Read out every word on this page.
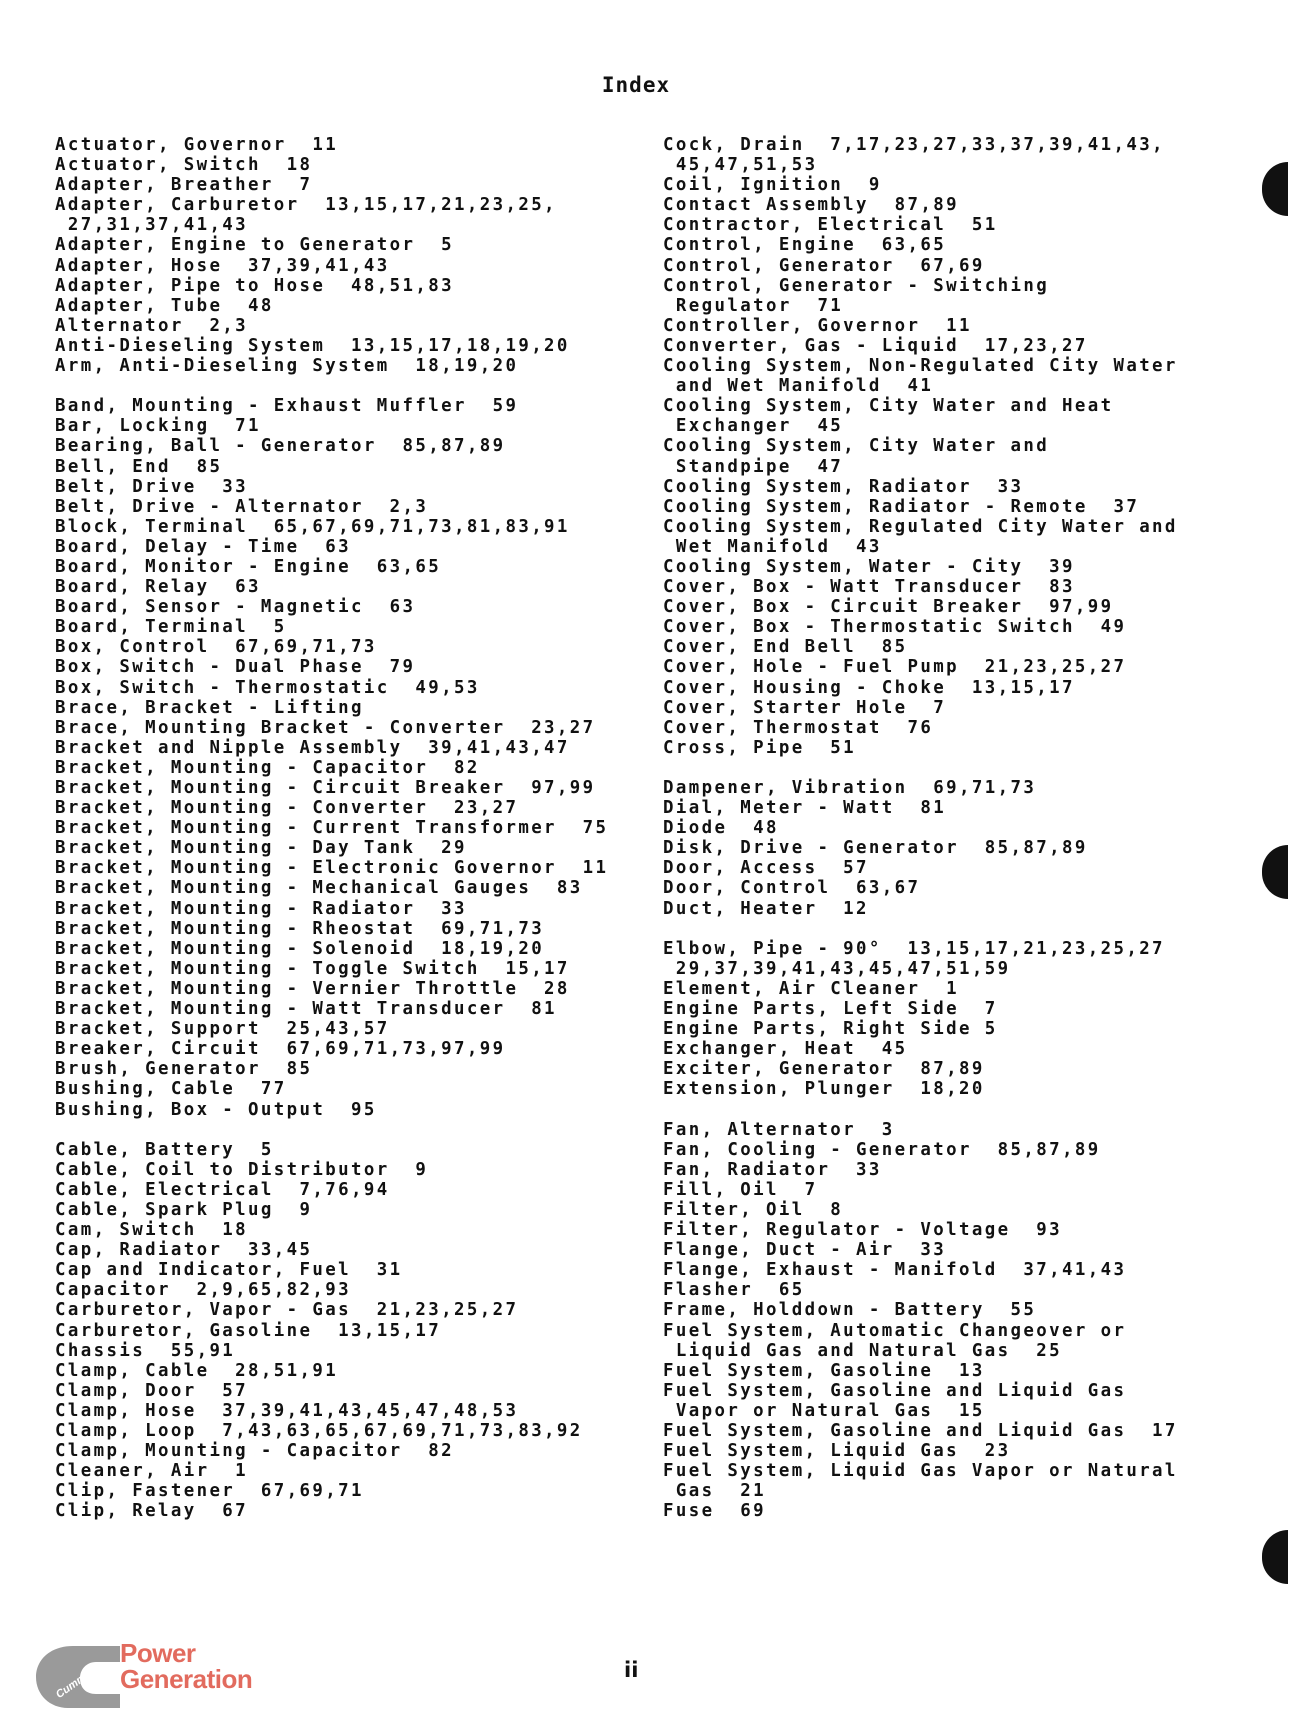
Index
Actuator, Governor  11
Actuator, Switch  18
Adapter, Breather  7
Adapter, Carburetor  13,15,17,21,23,25,
27,31,37,41,43
Adapter, Engine to Generator  5
Adapter, Hose  37,39,41,43
Adapter, Pipe to Hose  48,51,83
Adapter, Tube  48
Alternator  2,3
Anti-Dieseling System  13,15,17,18,19,20
Arm, Anti-Dieseling System  18,19,20
Band, Mounting - Exhaust Muffler  59
Bar, Locking  71
Bearing, Ball - Generator  85,87,89
Bell, End  85
Belt, Drive  33
Belt, Drive - Alternator  2,3
Block, Terminal  65,67,69,71,73,81,83,91
Board, Delay - Time  63
Board, Monitor - Engine  63,65
Board, Relay  63
Board, Sensor - Magnetic  63
Board, Terminal  5
Box, Control  67,69,71,73
Box, Switch - Dual Phase  79
Box, Switch - Thermostatic  49,53
Brace, Bracket - Lifting
Brace, Mounting Bracket - Converter  23,27
Bracket and Nipple Assembly  39,41,43,47
Bracket, Mounting - Capacitor  82
Bracket, Mounting - Circuit Breaker  97,99
Bracket, Mounting - Converter  23,27
Bracket, Mounting - Current Transformer  75
Bracket, Mounting - Day Tank  29
Bracket, Mounting - Electronic Governor  11
Bracket, Mounting - Mechanical Gauges  83
Bracket, Mounting - Radiator  33
Bracket, Mounting - Rheostat  69,71,73
Bracket, Mounting - Solenoid  18,19,20
Bracket, Mounting - Toggle Switch  15,17
Bracket, Mounting - Vernier Throttle  28
Bracket, Mounting - Watt Transducer  81
Bracket, Support  25,43,57
Breaker, Circuit  67,69,71,73,97,99
Brush, Generator  85
Bushing, Cable  77
Bushing, Box - Output  95
Cable, Battery  5
Cable, Coil to Distributor  9
Cable, Electrical  7,76,94
Cable, Spark Plug  9
Cam, Switch  18
Cap, Radiator  33,45
Cap and Indicator, Fuel  31
Capacitor  2,9,65,82,93
Carburetor, Vapor - Gas  21,23,25,27
Carburetor, Gasoline  13,15,17
Chassis  55,91
Clamp, Cable  28,51,91
Clamp, Door  57
Clamp, Hose  37,39,41,43,45,47,48,53
Clamp, Loop  7,43,63,65,67,69,71,73,83,92
Clamp, Mounting - Capacitor  82
Cleaner, Air  1
Clip, Fastener  67,69,71
Clip, Relay  67
Cock, Drain  7,17,23,27,33,37,39,41,43,
45,47,51,53
Coil, Ignition  9
Contact Assembly  87,89
Contractor, Electrical  51
Control, Engine  63,65
Control, Generator  67,69
Control, Generator - Switching
Regulator  71
Controller, Governor  11
Converter, Gas - Liquid  17,23,27
Cooling System, Non-Regulated City Water
and Wet Manifold  41
Cooling System, City Water and Heat
Exchanger  45
Cooling System, City Water and
Standpipe  47
Cooling System, Radiator  33
Cooling System, Radiator - Remote  37
Cooling System, Regulated City Water and
Wet Manifold  43
Cooling System, Water - City  39
Cover, Box - Watt Transducer  83
Cover, Box - Circuit Breaker  97,99
Cover, Box - Thermostatic Switch  49
Cover, End Bell  85
Cover, Hole - Fuel Pump  21,23,25,27
Cover, Housing - Choke  13,15,17
Cover, Starter Hole  7
Cover, Thermostat  76
Cross, Pipe  51
Dampener, Vibration  69,71,73
Dial, Meter - Watt  81
Diode  48
Disk, Drive - Generator  85,87,89
Door, Access  57
Door, Control  63,67
Duct, Heater  12
Elbow, Pipe - 90°  13,15,17,21,23,25,27
29,37,39,41,43,45,47,51,59
Element, Air Cleaner  1
Engine Parts, Left Side  7
Engine Parts, Right Side 5
Exchanger, Heat  45
Exciter, Generator  87,89
Extension, Plunger  18,20
Fan, Alternator  3
Fan, Cooling - Generator  85,87,89
Fan, Radiator  33
Fill, Oil  7
Filter, Oil  8
Filter, Regulator - Voltage  93
Flange, Duct - Air  33
Flange, Exhaust - Manifold  37,41,43
Flasher  65
Frame, Holddown - Battery  55
Fuel System, Automatic Changeover or
Liquid Gas and Natural Gas  25
Fuel System, Gasoline  13
Fuel System, Gasoline and Liquid Gas
Vapor or Natural Gas  15
Fuel System, Gasoline and Liquid Gas  17
Fuel System, Liquid Gas  23
Fuel System, Liquid Gas Vapor or Natural
Gas  21
Fuse  69
Cummins
Power
Generation	ii
